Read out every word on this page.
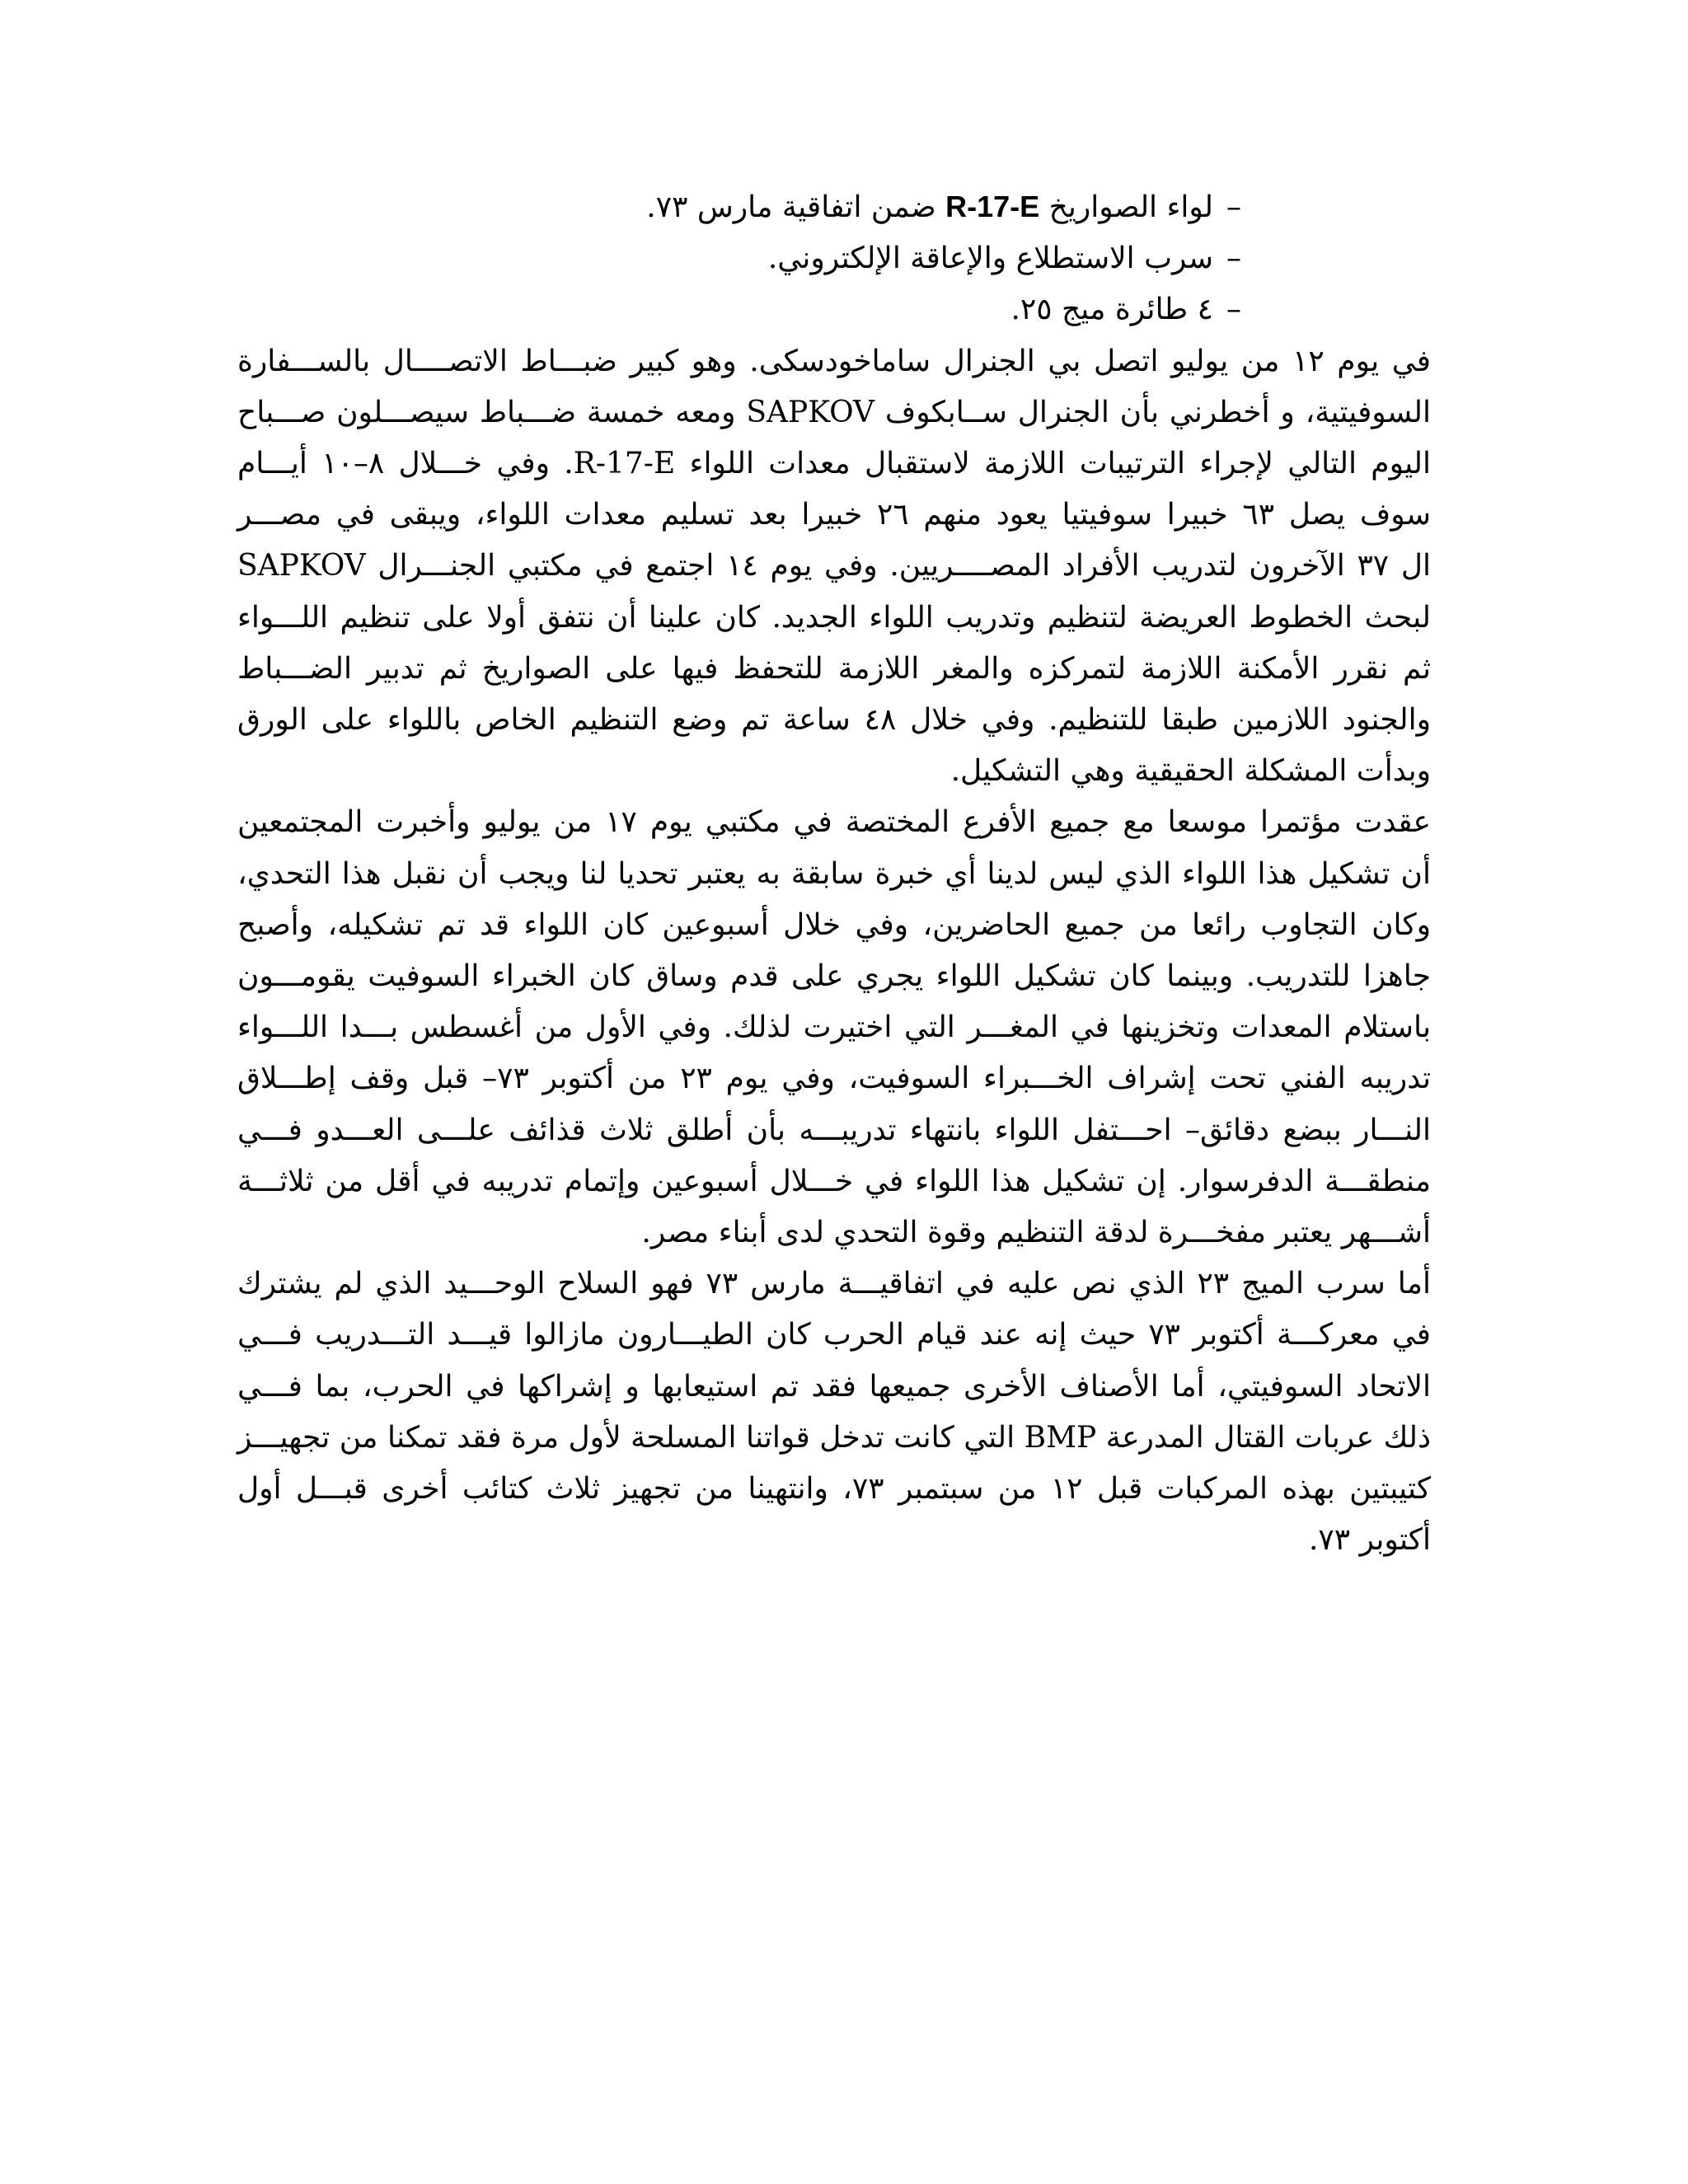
–لواء الصواريخ R-17-E ضمن اتفاقية مارس ٧٣.
–سرب الاستطلاع والإعاقة الإلكتروني.
–٤ طائرة ميج ٢٥.
في يوم ١٢ من يوليو اتصل بي الجنرال ساماخودسكى. وهو كبير ضبـــاط الاتصــــال بالســـفارة
السوفيتية، و أخطرني بأن الجنرال ســابكوف SAPKOV ومعه خمسة ضـــباط سيصـــلون صـــباح
اليوم التالي لإجراء الترتيبات اللازمة لاستقبال معدات اللواء R-17-E. وفي خـــلال ٨–١٠ أيـــام
سوف يصل ٦٣ خبيرا سوفيتيا يعود منهم ٢٦ خبيرا بعد تسليم معدات اللواء، ويبقى في مصـــر
ال ٣٧ الآخرون لتدريب الأفراد المصــــريين. وفي يوم ١٤ اجتمع في مكتبي الجنـــرال SAPKOV
لبحث الخطوط العريضة لتنظيم وتدريب اللواء الجديد. كان علينا أن نتفق أولا على تنظيم اللـــواء
ثم نقرر الأمكنة اللازمة لتمركزه والمغر اللازمة للتحفظ فيها على الصواريخ ثم تدبير الضـــباط
والجنود اللازمين طبقا للتنظيم. وفي خلال ٤٨ ساعة تم وضع التنظيم الخاص باللواء على الورق
وبدأت المشكلة الحقيقية وهي التشكيل.
عقدت مؤتمرا موسعا مع جميع الأفرع المختصة في مكتبي يوم ١٧ من يوليو وأخبرت المجتمعين
أن تشكيل هذا اللواء الذي ليس لدينا أي خبرة سابقة به يعتبر تحديا لنا ويجب أن نقبل هذا التحدي،
وكان التجاوب رائعا من جميع الحاضرين، وفي خلال أسبوعين كان اللواء قد تم تشكيله، وأصبح
جاهزا للتدريب. وبينما كان تشكيل اللواء يجري على قدم وساق كان الخبراء السوفيت يقومـــون
باستلام المعدات وتخزينها في المغـــر التي اختيرت لذلك. وفي الأول من أغسطس بـــدا اللـــواء
تدريبه الفني تحت إشراف الخـــبراء السوفيت، وفي يوم ٢٣ من أكتوبر ٧٣– قبل وقف إطـــلاق
النـــار ببضع دقائق– احـــتفل اللواء بانتهاء تدريبـــه بأن أطلق ثلاث قذائف علـــى العـــدو فـــي
منطقـــة الدفرسوار. إن تشكيل هذا اللواء في خـــلال أسبوعين وإتمام تدريبه في أقل من ثلاثـــة
أشـــهر يعتبر مفخـــرة لدقة التنظيم وقوة التحدي لدى أبناء مصر.
أما سرب الميج ٢٣ الذي نص عليه في اتفاقيـــة مارس ٧٣ فهو السلاح الوحـــيد الذي لم يشترك
في معركـــة أكتوبر ٧٣ حيث إنه عند قيام الحرب كان الطيـــارون مازالوا قيـــد التـــدريب فـــي
الاتحاد السوفيتي، أما الأصناف الأخرى جميعها فقد تم استيعابها و إشراكها في الحرب، بما فـــي
ذلك عربات القتال المدرعة BMP التي كانت تدخل قواتنا المسلحة لأول مرة فقد تمكنا من تجهيـــز
كتيبتين بهذه المركبات قبل ١٢ من سبتمبر ٧٣، وانتهينا من تجهيز ثلاث كتائب أخرى قبـــل أول
أكتوبر ٧٣.
